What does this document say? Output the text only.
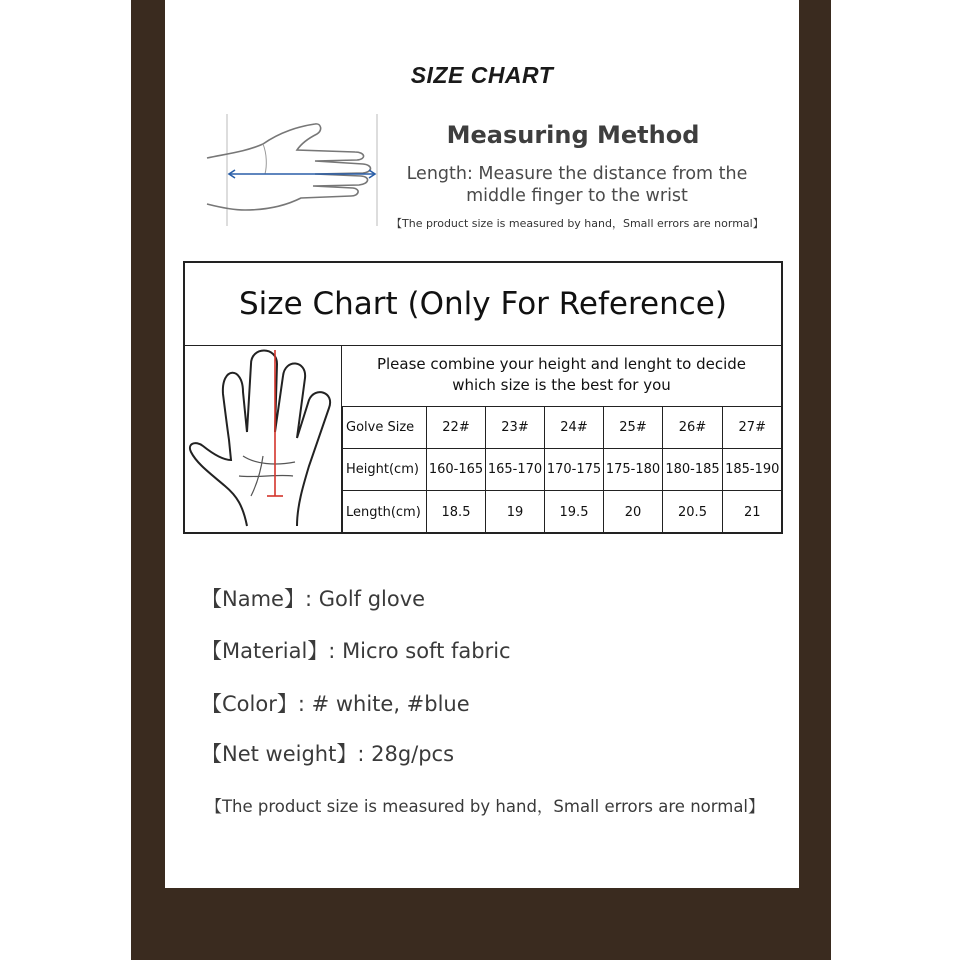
SIZE CHART
Measuring Method
Length: Measure the distance from the
middle finger to the wrist
【The product size is measured by hand，Small errors are normal】
Size Chart (Only For Reference)
Please combine your height and lenght to decide
which size is the best for you
Golve Size	22#	23#	24#	25#	26#	27#
Height(cm)	160-165	165-170	170-175	175-180	180-185	185-190
Length(cm)	18.5	19	19.5	20	20.5	21
【Name】: Golf glove
【Material】: Micro soft fabric
【Color】: # white, #blue
【Net weight】: 28g/pcs
【The product size is measured by hand，Small errors are normal】
